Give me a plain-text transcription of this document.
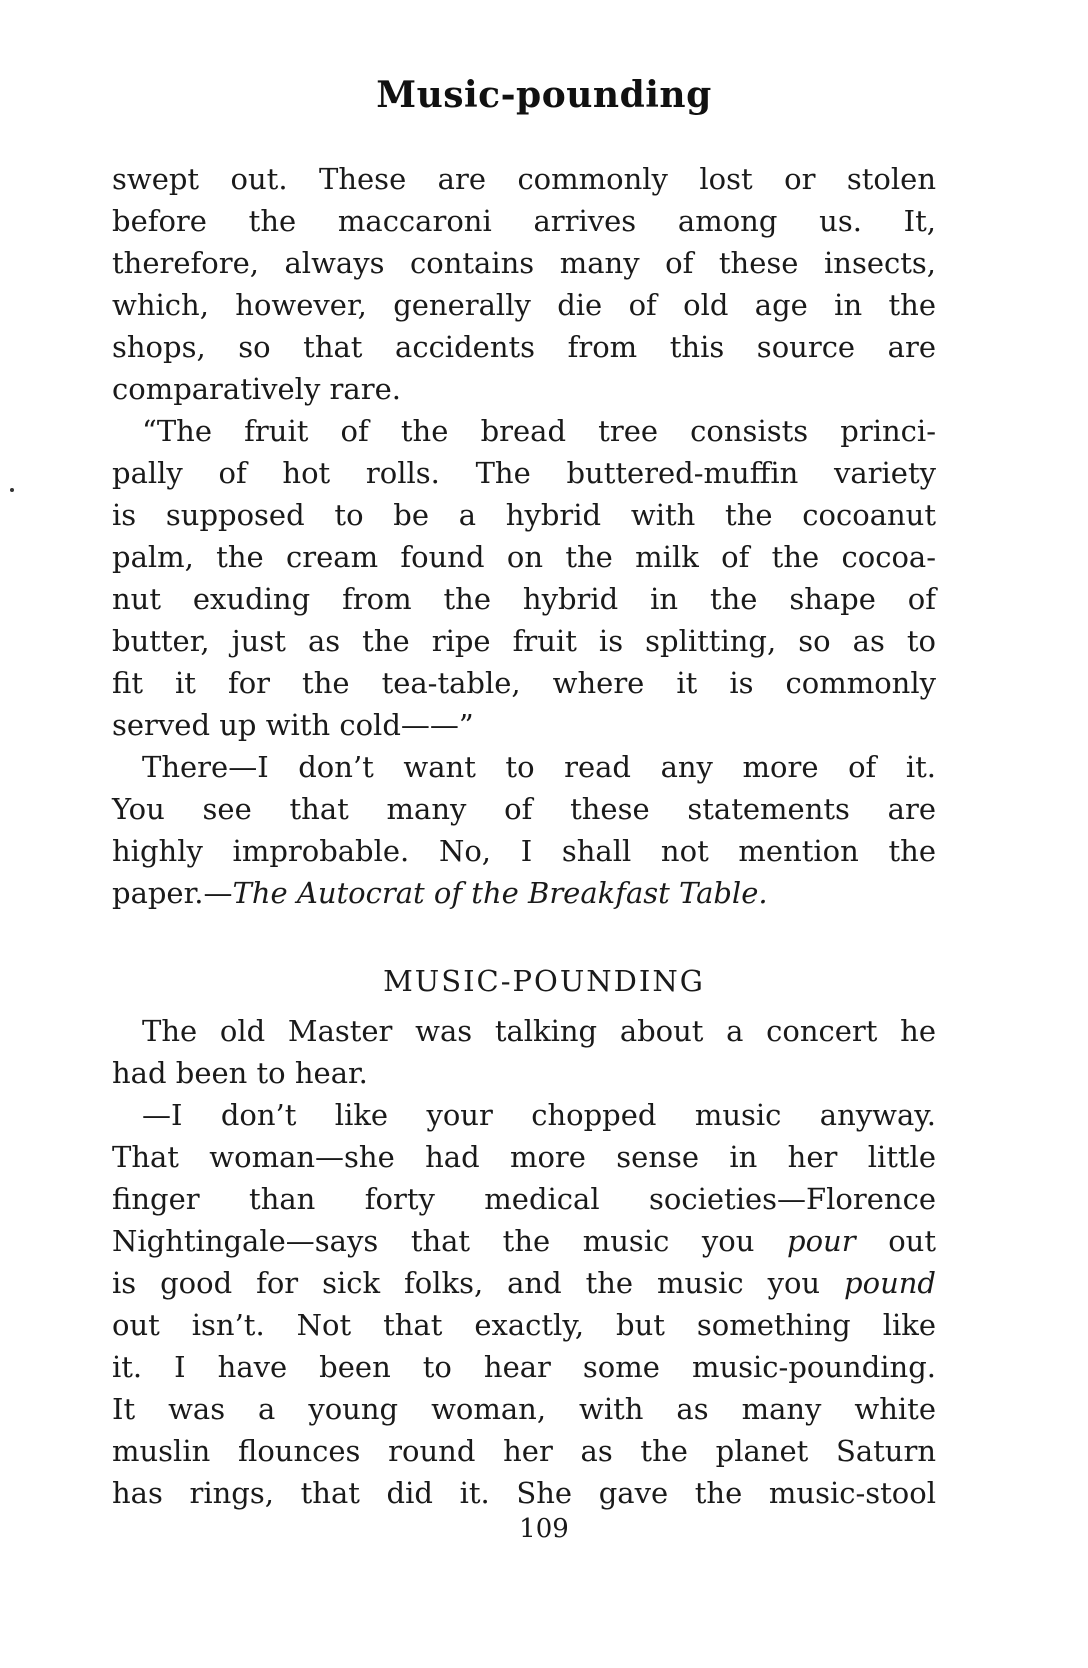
Music-pounding
swept out. These are commonly lost or stolen
before the maccaroni arrives among us. It,
therefore, always contains many of these insects,
which, however, generally die of old age in the
shops, so that accidents from this source are
comparatively rare.
“The fruit of the bread tree consists princi-
pally of hot rolls. The buttered-muffin variety
is supposed to be a hybrid with the cocoanut
palm, the cream found on the milk of the cocoa-
nut exuding from the hybrid in the shape of
butter, just as the ripe fruit is splitting, so as to
fit it for the tea-table, where it is commonly
served up with cold——”
There—I don’t want to read any more of it.
You see that many of these statements are
highly improbable. No, I shall not mention the
paper.—The Autocrat of the Breakfast Table.
MUSIC-POUNDING
The old Master was talking about a concert he
had been to hear.
—I don’t like your chopped music anyway.
That woman—she had more sense in her little
finger than forty medical societies—Florence
Nightingale—says that the music you pour out
is good for sick folks, and the music you pound
out isn’t. Not that exactly, but something like
it. I have been to hear some music-pounding.
It was a young woman, with as many white
muslin flounces round her as the planet Saturn
has rings, that did it. She gave the music-stool
109
